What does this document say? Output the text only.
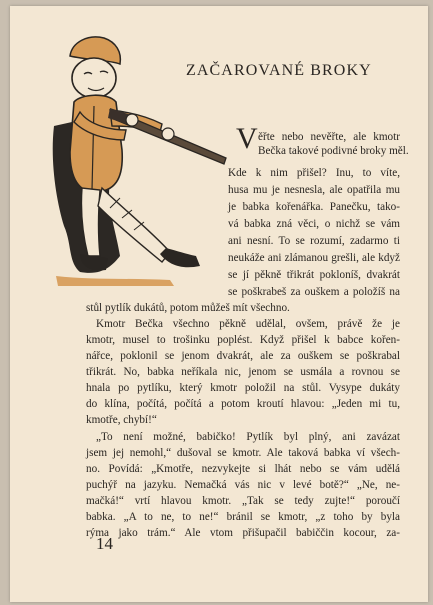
ZAČAROVANÉ BROKY
V ěřte nebo nevěřte, ale kmotr
Bečka takové podivné broky měl.
Kde k nim přišel? Inu, to víte,
husa mu je nesnesla, ale opatřila mu
je babka kořenářka. Panečku, tako-
vá babka zná věci, o nichž se vám
ani nesní. To se rozumí, zadarmo ti
neukáže ani zlámanou grešli, ale když
se jí pěkně třikrát pokloníš, dvakrát
se poškrabeš za ouškem a položíš na
stůl pytlík dukátů, potom můžeš mít všechno.
Kmotr Bečka všechno pěkně udělal, ovšem, právě že je
kmotr, musel to trošinku poplést. Když přišel k babce kořen-
nářce, poklonil se jenom dvakrát, ale za ouškem se poškrabal
třikrát. No, babka neříkala nic, jenom se usmála a rovnou se
hnala po pytlíku, který kmotr položil na stůl. Vysype dukáty
do klína, počítá, počítá a potom kroutí hlavou: „Jeden mi tu,
kmotře, chybí!“
„To není možné, babičko! Pytlík byl plný, ani zavázat
jsem jej nemohl,“ dušoval se kmotr. Ale taková babka ví všech-
no. Povídá: „Kmotře, nezvykejte si lhát nebo se vám udělá
puchýř na jazyku. Nemačká vás nic v levé botě?“ „Ne, ne-
mačká!“ vrtí hlavou kmotr. „Tak se tedy zujte!“ poroučí
babka. „A to ne, to ne!“ bránil se kmotr, „z toho by byla
rýma jako trám.“ Ale vtom přišupačil babiččin kocour, za-
14
